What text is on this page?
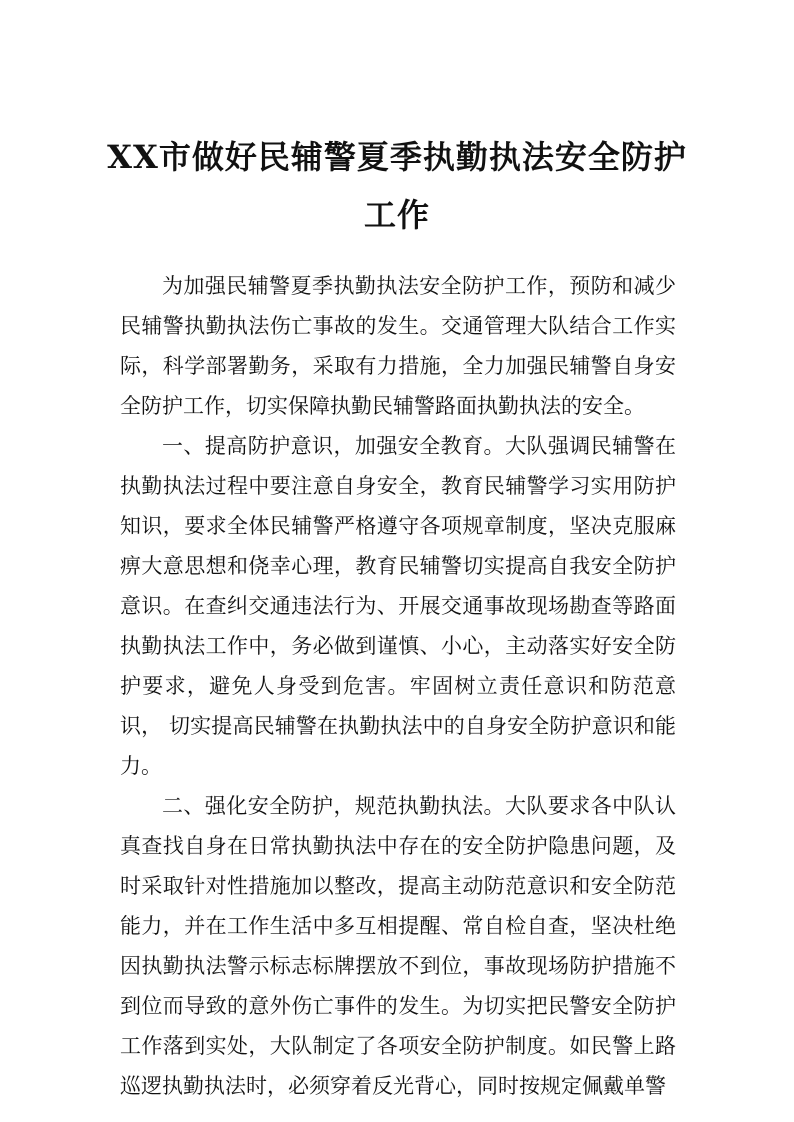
XX市做好民辅警夏季执勤执法安全防护工作

为加强民辅警夏季执勤执法安全防护工作，预防和减少民辅警执勤执法伤亡事故的发生。交通管理大队结合工作实际，科学部署勤务，采取有力措施，全力加强民辅警自身安全防护工作，切实保障执勤民辅警路面执勤执法的安全。

一、提高防护意识，加强安全教育。大队强调民辅警在执勤执法过程中要注意自身安全，教育民辅警学习实用防护知识，要求全体民辅警严格遵守各项规章制度，坚决克服麻痹大意思想和侥幸心理，教育民辅警切实提高自我安全防护意识。在查纠交通违法行为、开展交通事故现场勘查等路面执勤执法工作中，务必做到谨慎、小心，主动落实好安全防护要求，避免人身受到危害。牢固树立责任意识和防范意识， 切实提高民辅警在执勤执法中的自身安全防护意识和能力。

二、强化安全防护，规范执勤执法。大队要求各中队认真查找自身在日常执勤执法中存在的安全防护隐患问题，及时采取针对性措施加以整改，提高主动防范意识和安全防范能力，并在工作生活中多互相提醒、常自检自查，坚决杜绝因执勤执法警示标志标牌摆放不到位，事故现场防护措施不到位而导致的意外伤亡事件的发生。为切实把民警安全防护工作落到实处，大队制定了各项安全防护制度。如民警上路巡逻执勤执法时，必须穿着反光背心，同时按规定佩戴单警
